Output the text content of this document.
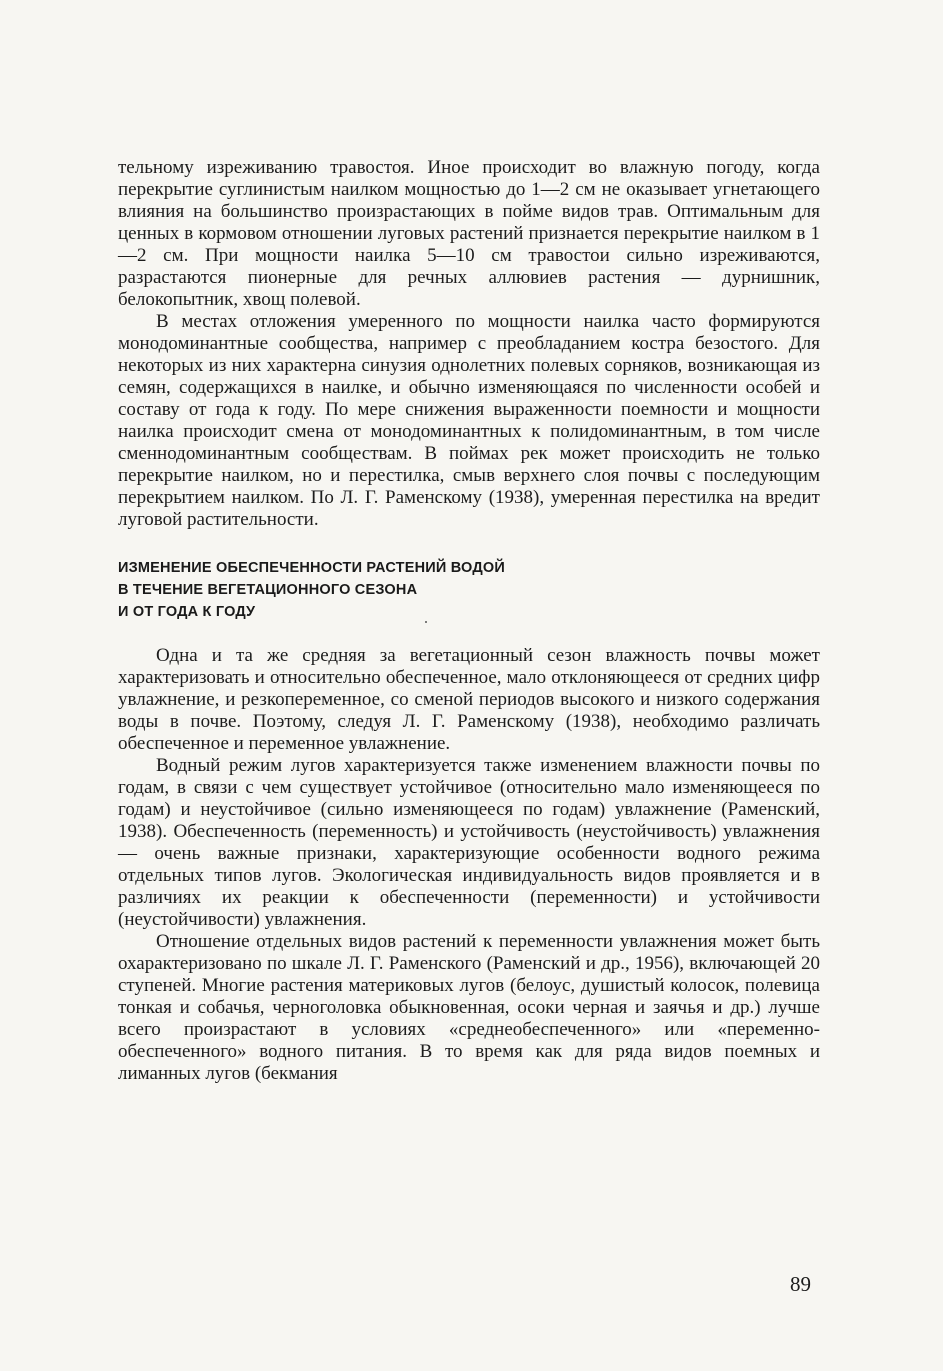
тельному изреживанию травостоя. Иное происходит во влажную погоду, когда перекрытие суглинистым наилком мощностью до 1—2 см не оказывает угнетающего влияния на большинство произрастающих в пойме видов трав. Оптимальным для ценных в кормовом отношении луговых растений признается перекрытие наилком в 1—2 см. При мощности наилка 5—10 см травостои сильно изреживаются, разрастаются пионерные для речных аллювиев растения — дурнишник, белокопытник, хвощ полевой.

В местах отложения умеренного по мощности наилка часто формируются монодоминантные сообщества, например с преобладанием костра безостого. Для некоторых из них характерна синузия однолетних полевых сорняков, возникающая из семян, содержащихся в наилке, и обычно изменяющаяся по численности особей и составу от года к году. По мере снижения выраженности поемности и мощности наилка происходит смена от монодоминантных к полидоминантным, в том числе сменнодоминантным сообществам. В поймах рек может происходить не только перекрытие наилком, но и перестилка, смыв верхнего слоя почвы с последующим перекрытием наилком. По Л. Г. Раменскому (1938), умеренная перестилка на вредит луговой растительности.

ИЗМЕНЕНИЕ ОБЕСПЕЧЕННОСТИ РАСТЕНИЙ ВОДОЙ
В ТЕЧЕНИЕ ВЕГЕТАЦИОННОГО СЕЗОНА
И ОТ ГОДА К ГОДУ

Одна и та же средняя за вегетационный сезон влажность почвы может характеризовать и относительно обеспеченное, мало отклоняющееся от средних цифр увлажнение, и резкопеременное, со сменой периодов высокого и низкого содержания воды в почве. Поэтому, следуя Л. Г. Раменскому (1938), необходимо различать обеспеченное и переменное увлажнение.

Водный режим лугов характеризуется также изменением влажности почвы по годам, в связи с чем существует устойчивое (относительно мало изменяющееся по годам) и неустойчивое (сильно изменяющееся по годам) увлажнение (Раменский, 1938). Обеспеченность (переменность) и устойчивость (неустойчивость) увлажнения — очень важные признаки, характеризующие особенности водного режима отдельных типов лугов. Экологическая индивидуальность видов проявляется и в различиях их реакции к обеспеченности (переменности) и устойчивости (неустойчивости) увлажнения.

Отношение отдельных видов растений к переменности увлажнения может быть охарактеризовано по шкале Л. Г. Раменского (Раменский и др., 1956), включающей 20 ступеней. Многие растения материковых лугов (белоус, душистый колосок, полевица тонкая и собачья, черноголовка обыкновенная, осоки черная и заячья и др.) лучше всего произрастают в условиях «среднеобеспеченного» или «переменно-обеспеченного» водного питания. В то время как для ряда видов поемных и лиманных лугов (бекмания

89
